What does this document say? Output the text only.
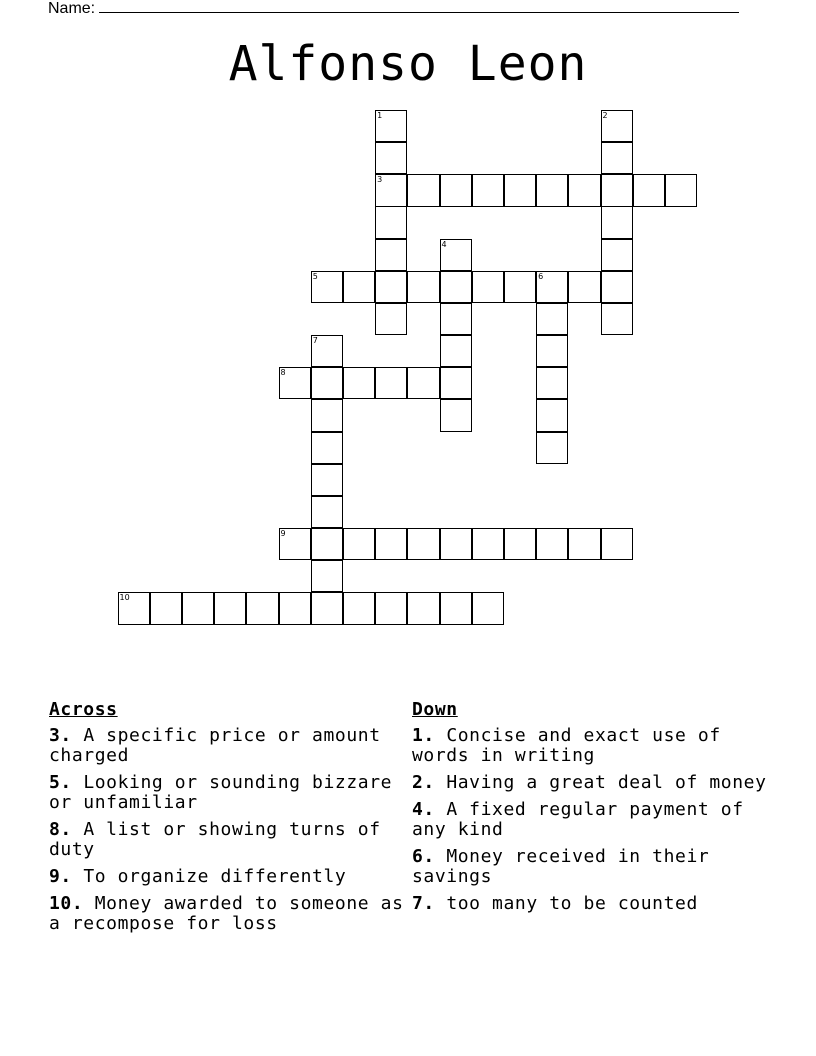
Name:
Alfonso Leon
1
3
2
4
5	6
7
8
9
10
Across
3. A specific price or amount charged
5. Looking or sounding bizzare or unfamiliar
8. A list or showing turns of duty
9. To organize differently
10. Money awarded to someone as a recompose for loss
Down
1. Concise and exact use of words in writing
2. Having a great deal of money
4. A fixed regular payment of any kind
6. Money received in their savings
7. too many to be counted
